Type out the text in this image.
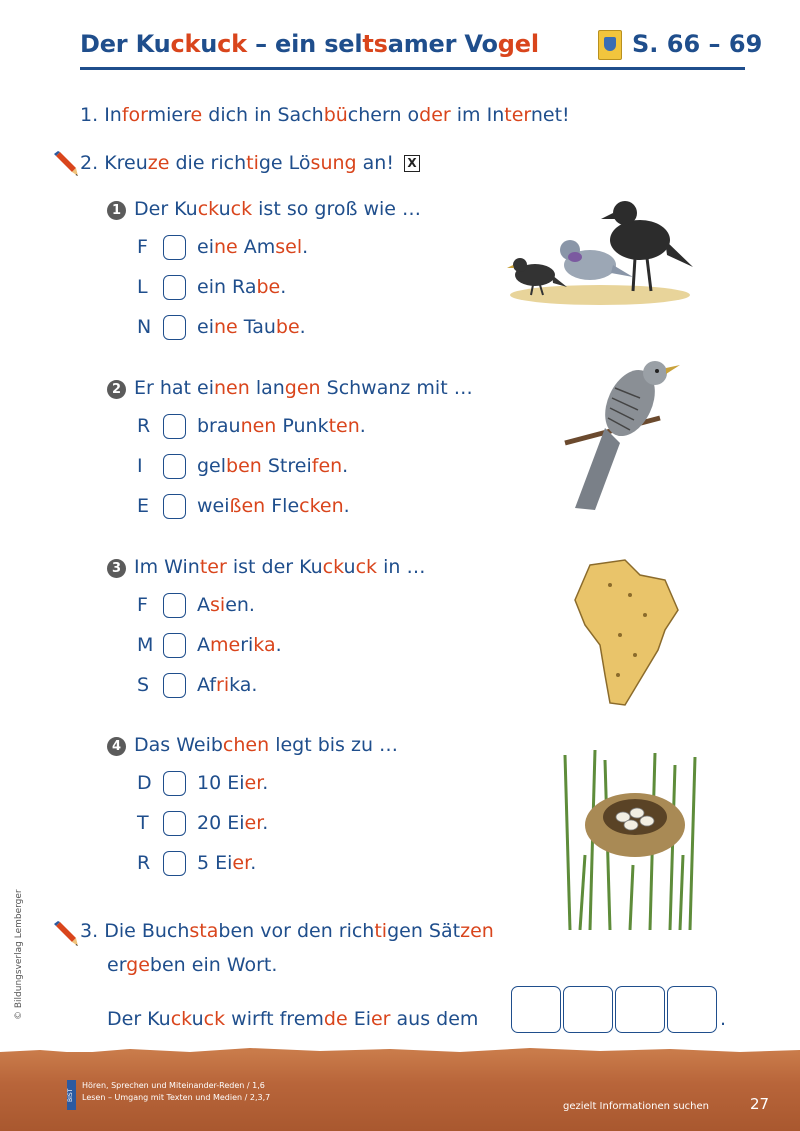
Der Kuckuck – ein seltsamer Vogel	S. 66 – 69
1. Informiere dich in Sachbüchern oder im Internet!
2. Kreuze die richtige Lösung an! X
1 Der Kuckuck ist so groß wie …
F	eine Amsel.
L	ein Rabe.
N	eine Taube.
2 Er hat einen langen Schwanz mit …
R	braunen Punkten.
I	gelben Streifen.
E	weißen Flecken.
3 Im Winter ist der Kuckuck in …
F	Asien.
M Amerika.
S	Afrika.
4 Das Weibchen legt bis zu …
D	10 Eier.
T	20 Eier.
R	5 Eier.
3. Die Buchstaben vor den richtigen Sätzen
ergeben ein Wort.
Der Kuckuck wirft fremde Eier aus dem	.
© Bildungsverlag Lemberger
BIST
Hören, Sprechen und Miteinander-Reden / 1,6
Lesen – Umgang mit Texten und Medien / 2,3,7
gezielt Informationen suchen	27
